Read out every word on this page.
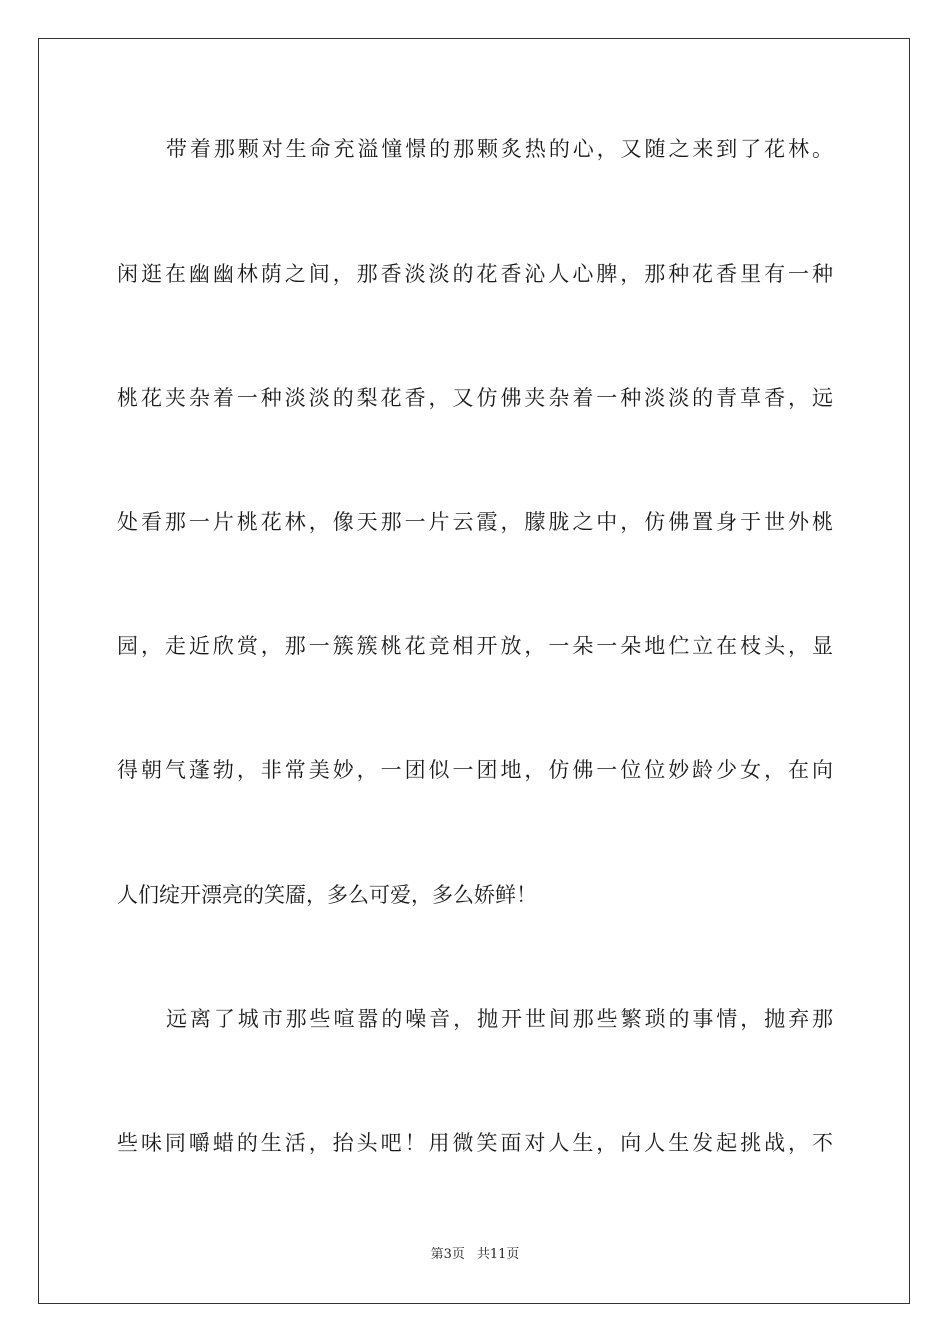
带着那颗对生命充溢憧憬的那颗炙热的心，又随之来到了花林。
闲逛在幽幽林荫之间，那香淡淡的花香沁人心脾，那种花香里有一种
桃花夹杂着一种淡淡的梨花香，又仿佛夹杂着一种淡淡的青草香，远
处看那一片桃花林，像天那一片云霞，朦胧之中，仿佛置身于世外桃
园，走近欣赏，那一簇簇桃花竞相开放，一朵一朵地伫立在枝头，显
得朝气蓬勃，非常美妙，一团似一团地，仿佛一位位妙龄少女，在向
人们绽开漂亮的笑靥，多么可爱，多么娇鲜！
远离了城市那些喧嚣的噪音，抛开世间那些繁琐的事情，抛弃那
些味同嚼蜡的生活，抬头吧！用微笑面对人生，向人生发起挑战，不
第3页 共11页
